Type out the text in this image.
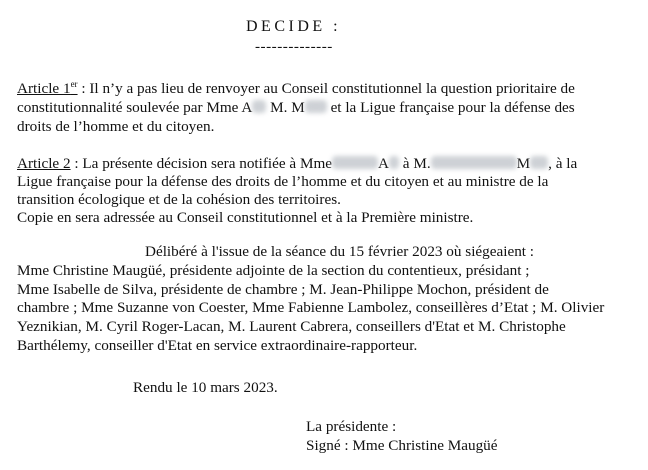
DECIDE :
--------------
Article 1er : Il n’y a pas lieu de renvoyer au Conseil constitutionnel la question prioritaire de
constitutionnalité soulevée par Mme A M. M et la Ligue française pour la défense des
droits de l’homme et du citoyen.
Article 2 : La présente décision sera notifiée à Mme	A à M.	M , à la
Ligue française pour la défense des droits de l’homme et du citoyen et au ministre de la
transition écologique et de la cohésion des territoires.
Copie en sera adressée au Conseil constitutionnel et à la Première ministre.
Délibéré à l'issue de la séance du 15 février 2023 où siégeaient :
Mme Christine Maugüé, présidente adjointe de la section du contentieux, présidant ;
Mme Isabelle de Silva, présidente de chambre ; M. Jean-Philippe Mochon, président de
chambre ; Mme Suzanne von Coester, Mme Fabienne Lambolez, conseillères d’Etat ; M. Olivier
Yeznikian, M. Cyril Roger-Lacan, M. Laurent Cabrera, conseillers d'Etat et M. Christophe
Barthélemy, conseiller d'Etat en service extraordinaire-rapporteur.
Rendu le 10 mars 2023.
La présidente :
Signé : Mme Christine Maugüé
